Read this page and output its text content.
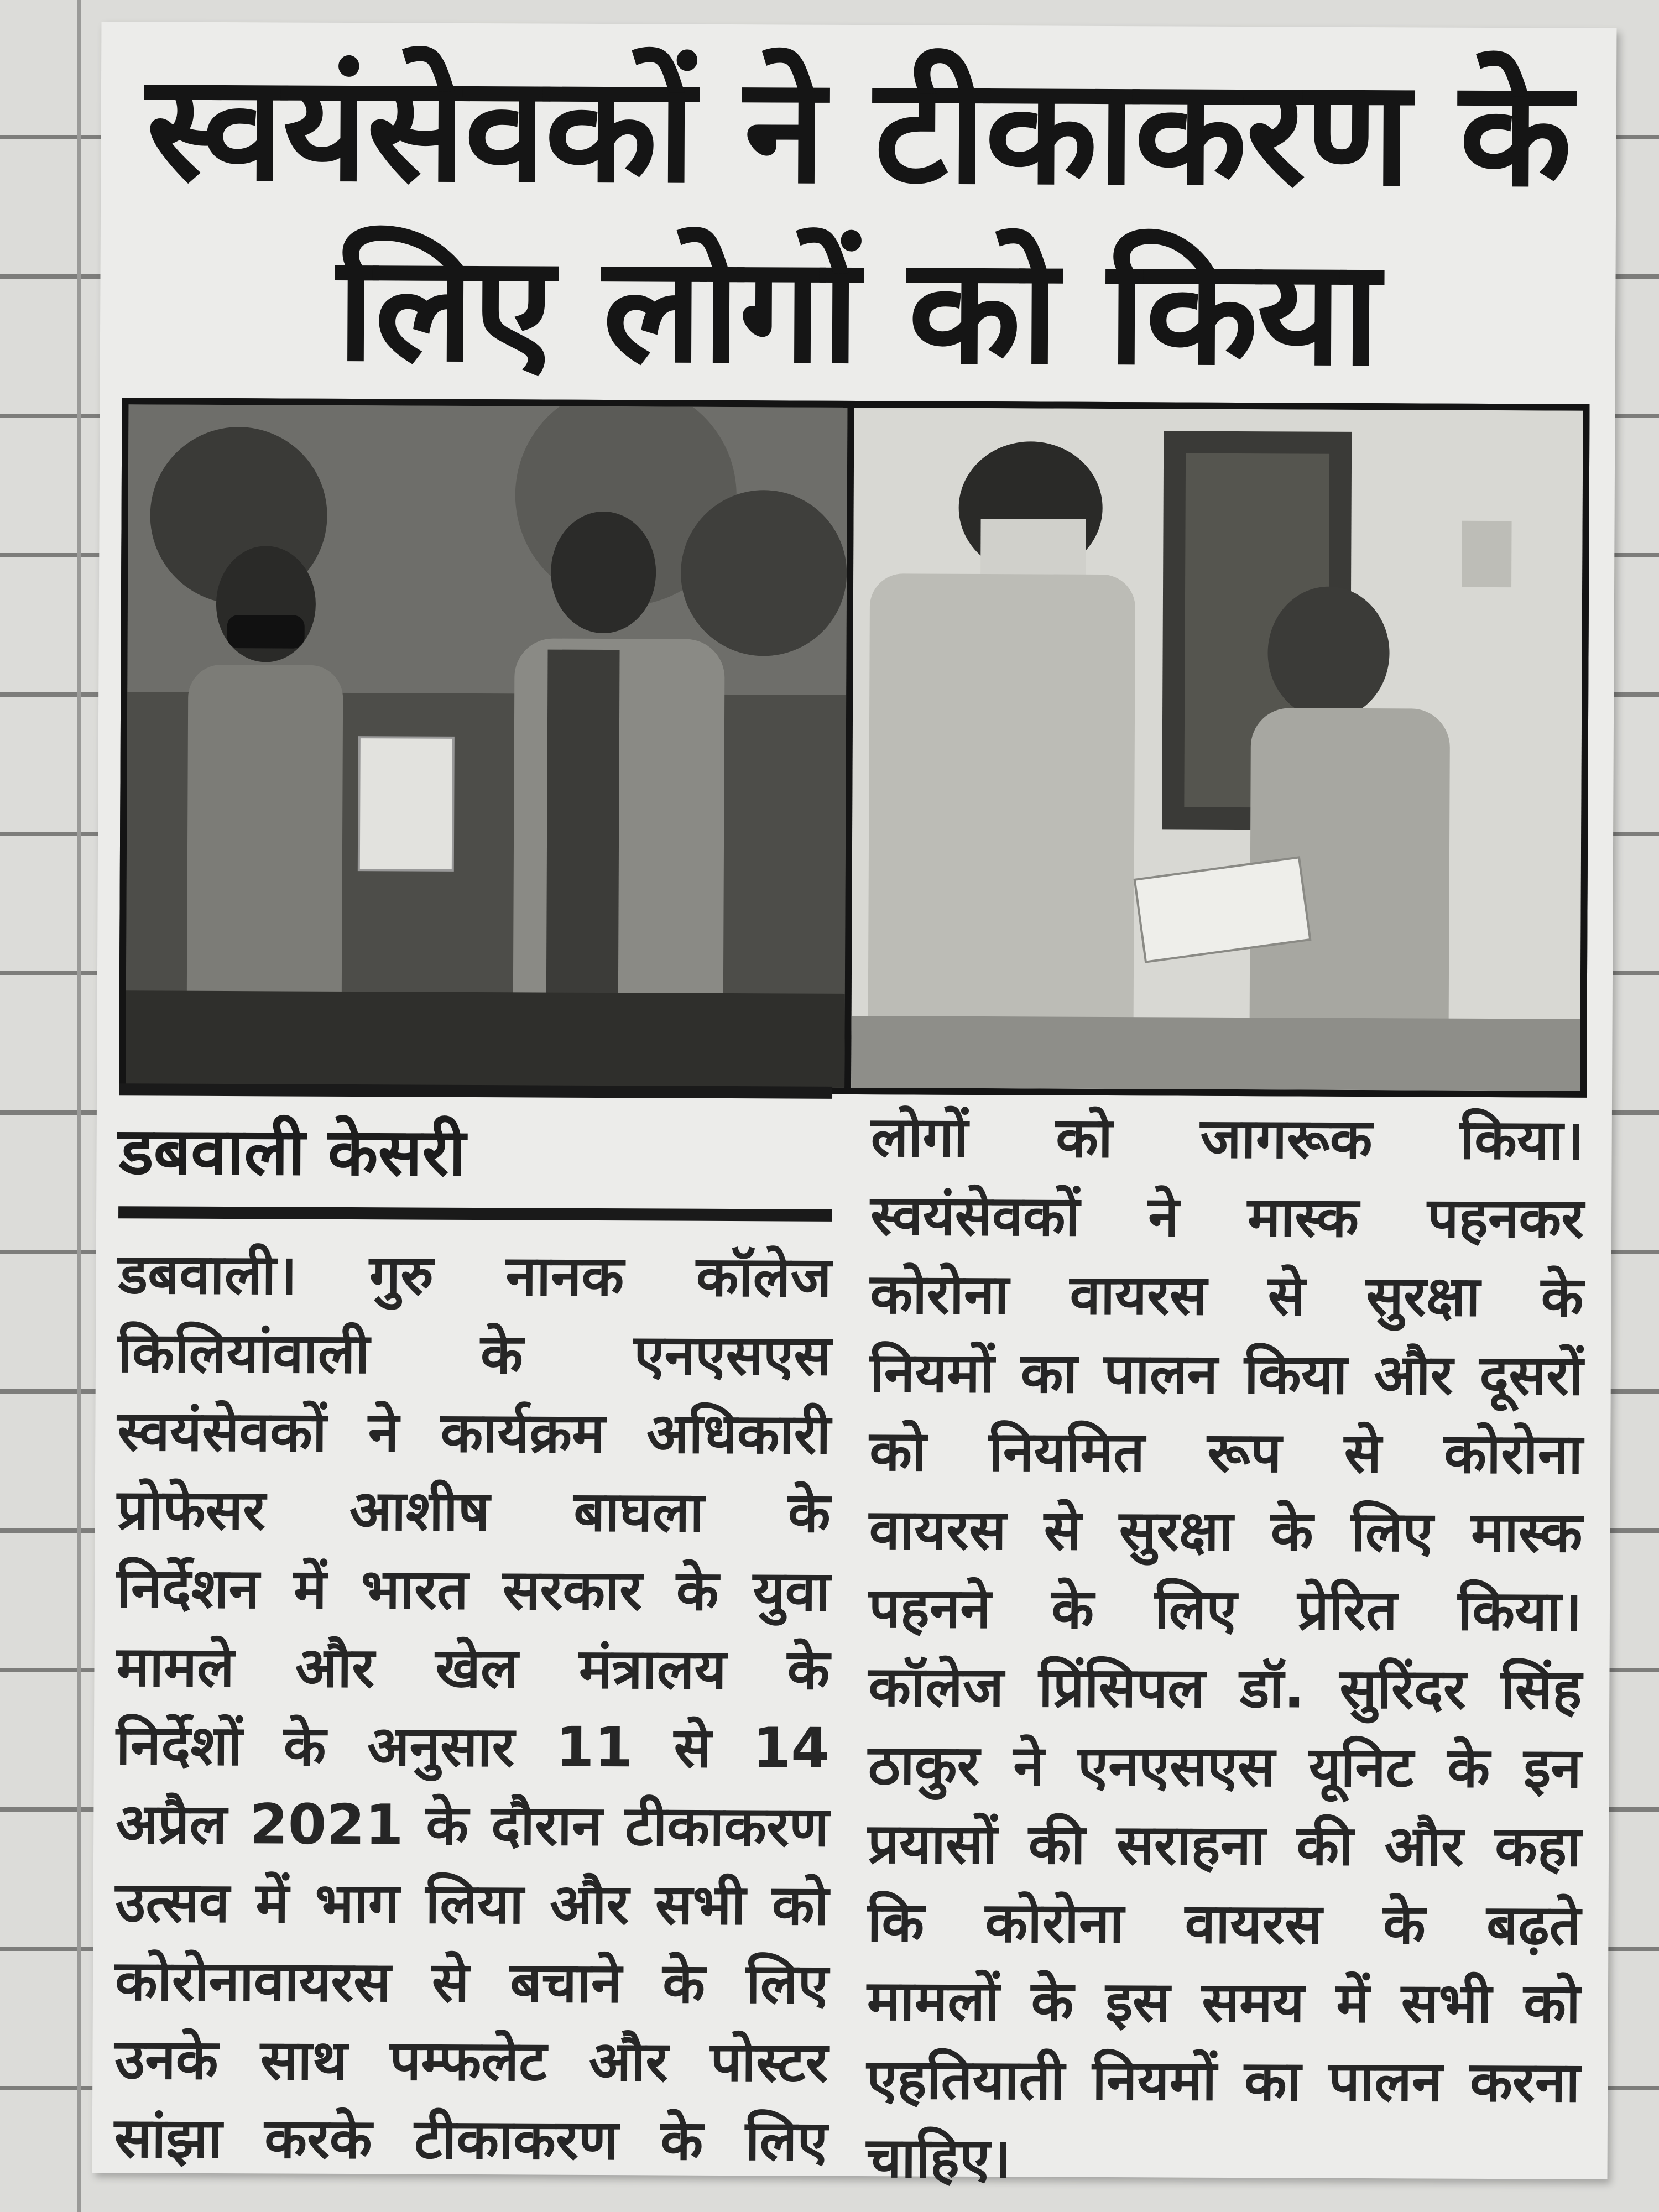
स्वयंसेवकों ने टीकाकरण के
लिए लोगों को किया
डबवाली केसरी
डबवाली। गुरु नानक कॉलेज
किलियांवाली के एनएसएस
स्वयंसेवकों ने कार्यक्रम अधिकारी
प्रोफेसर आशीष बाघला के
निर्देशन में भारत सरकार के युवा
मामले और खेल मंत्रालय के
निर्देशों के अनुसार 11 से 14
अप्रैल 2021 के दौरान टीकाकरण
उत्सव में भाग लिया और सभी को
कोरोनावायरस से बचाने के लिए
उनके साथ पम्फलेट और पोस्टर
सांझा करके टीकाकरण के लिए
लोगों को जागरूक किया।
स्वयंसेवकों ने मास्क पहनकर
कोरोना वायरस से सुरक्षा के
नियमों का पालन किया और दूसरों
को नियमित रूप से कोरोना
वायरस से सुरक्षा के लिए मास्क
पहनने के लिए प्रेरित किया।
कॉलेज प्रिंसिपल डॉ. सुरिंदर सिंह
ठाकुर ने एनएसएस यूनिट के इन
प्रयासों की सराहना की और कहा
कि कोरोना वायरस के बढ़ते
मामलों के इस समय में सभी को
एहतियाती नियमों का पालन करना
चाहिए।
